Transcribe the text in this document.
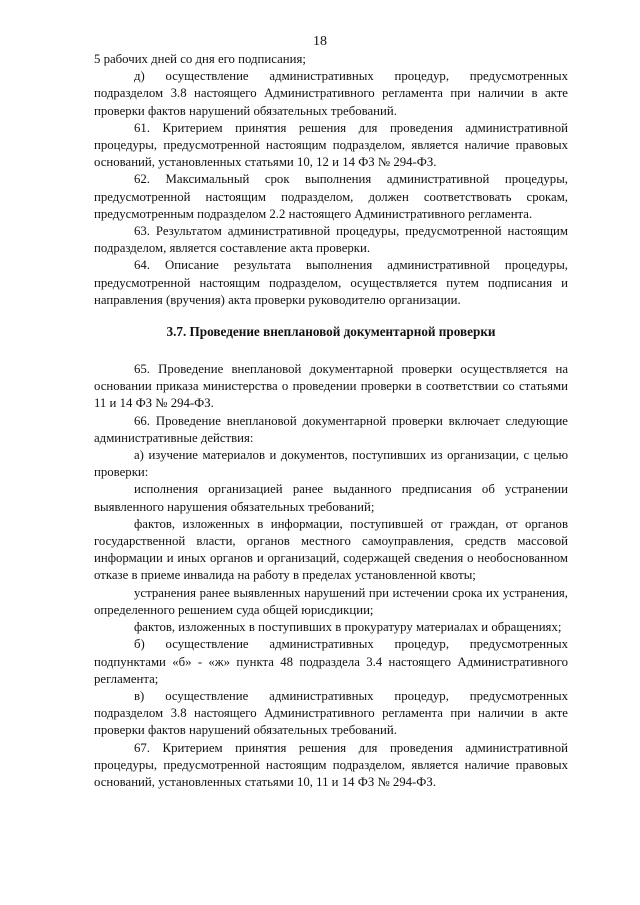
18

5 рабочих дней со дня его подписания;

д) осуществление административных процедур, предусмотренных подразделом 3.8 настоящего Административного регламента при наличии в акте проверки фактов нарушений обязательных требований.

61. Критерием принятия решения для проведения административной процедуры, предусмотренной настоящим подразделом, является наличие правовых оснований, установленных статьями 10, 12 и 14 ФЗ № 294-ФЗ.

62. Максимальный срок выполнения административной процедуры, предусмотренной настоящим подразделом, должен соответствовать срокам, предусмотренным подразделом 2.2 настоящего Административного регламента.

63. Результатом административной процедуры, предусмотренной настоящим подразделом, является составление акта проверки.

64. Описание результата выполнения административной процедуры, предусмотренной настоящим подразделом, осуществляется путем подписания и направления (вручения) акта проверки руководителю организации.

3.7. Проведение внеплановой документарной проверки

65. Проведение внеплановой документарной проверки осуществляется на основании приказа министерства о проведении проверки в соответствии со статьями 11 и 14 ФЗ № 294-ФЗ.

66. Проведение внеплановой документарной проверки включает следующие административные действия:

а) изучение материалов и документов, поступивших из организации, с целью проверки:

исполнения организацией ранее выданного предписания об устранении выявленного нарушения обязательных требований;

фактов, изложенных в информации, поступившей от граждан, от органов государственной власти, органов местного самоуправления, средств массовой информации и иных органов и организаций, содержащей сведения о необоснованном отказе в приеме инвалида на работу в пределах установленной квоты;

устранения ранее выявленных нарушений при истечении срока их устранения, определенного решением суда общей юрисдикции;

фактов, изложенных в поступивших в прокуратуру материалах и обращениях;

б) осуществление административных процедур, предусмотренных подпунктами «б» - «ж» пункта 48 подраздела 3.4 настоящего Административного регламента;

в) осуществление административных процедур, предусмотренных подразделом 3.8 настоящего Административного регламента при наличии в акте проверки фактов нарушений обязательных требований.

67. Критерием принятия решения для проведения административной процедуры, предусмотренной настоящим подразделом, является наличие правовых оснований, установленных статьями 10, 11 и 14 ФЗ № 294-ФЗ.
